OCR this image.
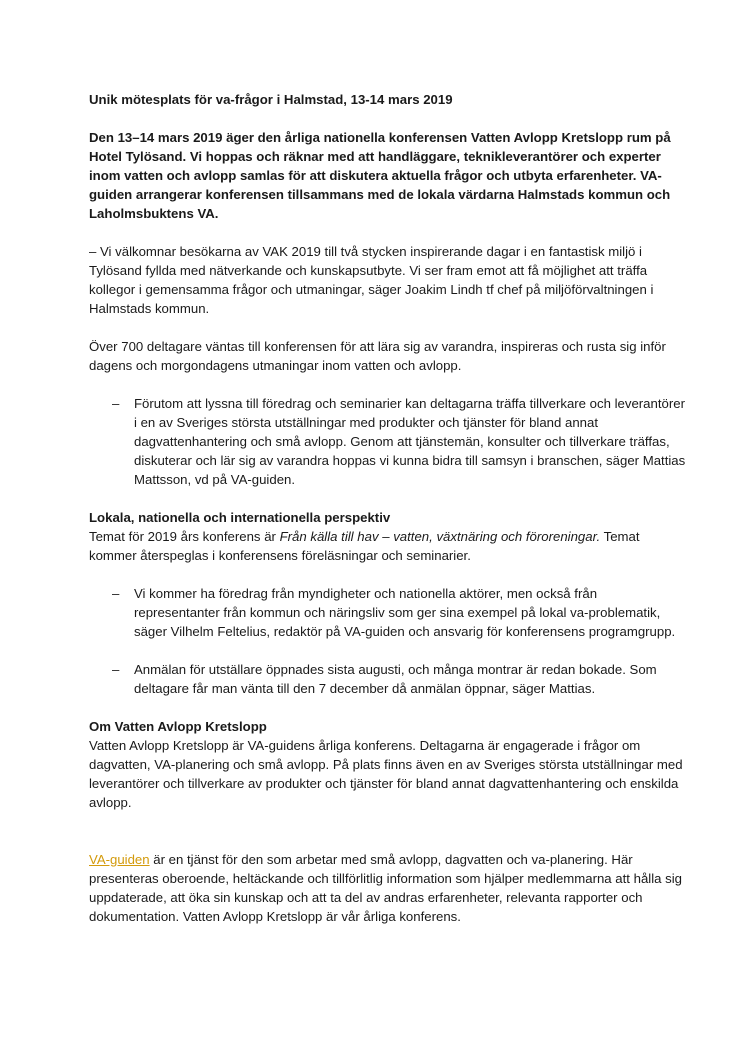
Unik mötesplats för va-frågor i Halmstad, 13-14 mars 2019

Den 13–14 mars 2019 äger den årliga nationella konferensen Vatten Avlopp Kretslopp rum på Hotel Tylösand. Vi hoppas och räknar med att handläggare, teknikleverantörer och experter inom vatten och avlopp samlas för att diskutera aktuella frågor och utbyta erfarenheter. VA-guiden arrangerar konferensen tillsammans med de lokala värdarna Halmstads kommun och Laholmsbuktens VA.

– Vi välkomnar besökarna av VAK 2019 till två stycken inspirerande dagar i en fantastisk miljö i Tylösand fyllda med nätverkande och kunskapsutbyte. Vi ser fram emot att få möjlighet att träffa kollegor i gemensamma frågor och utmaningar, säger Joakim Lindh tf chef på miljöförvaltningen i Halmstads kommun.

Över 700 deltagare väntas till konferensen för att lära sig av varandra, inspireras och rusta sig inför dagens och morgondagens utmaningar inom vatten och avlopp.

–	Förutom att lyssna till föredrag och seminarier kan deltagarna träffa tillverkare och leverantörer i en av Sveriges största utställningar med produkter och tjänster för bland annat dagvattenhantering och små avlopp. Genom att tjänstemän, konsulter och tillverkare träffas, diskuterar och lär sig av varandra hoppas vi kunna bidra till samsyn i branschen, säger Mattias Mattsson, vd på VA-guiden.

Lokala, nationella och internationella perspektiv

Temat för 2019 års konferens är Från källa till hav – vatten, växtnäring och föroreningar. Temat kommer återspeglas i konferensens föreläsningar och seminarier.

–	Vi kommer ha föredrag från myndigheter och nationella aktörer, men också från representanter från kommun och näringsliv som ger sina exempel på lokal va-problematik, säger Vilhelm Feltelius, redaktör på VA-guiden och ansvarig för konferensens programgrupp.
–	Anmälan för utställare öppnades sista augusti, och många montrar är redan bokade. Som deltagare får man vänta till den 7 december då anmälan öppnar, säger Mattias.

Om Vatten Avlopp Kretslopp

Vatten Avlopp Kretslopp är VA-guidens årliga konferens. Deltagarna är engagerade i frågor om dagvatten, VA-planering och små avlopp. På plats finns även en av Sveriges största utställningar med leverantörer och tillverkare av produkter och tjänster för bland annat dagvattenhantering och enskilda avlopp.

VA-guiden är en tjänst för den som arbetar med små avlopp, dagvatten och va-planering. Här presenteras oberoende, heltäckande och tillförlitlig information som hjälper medlemmarna att hålla sig uppdaterade, att öka sin kunskap och att ta del av andras erfarenheter, relevanta rapporter och dokumentation. Vatten Avlopp Kretslopp är vår årliga konferens.
